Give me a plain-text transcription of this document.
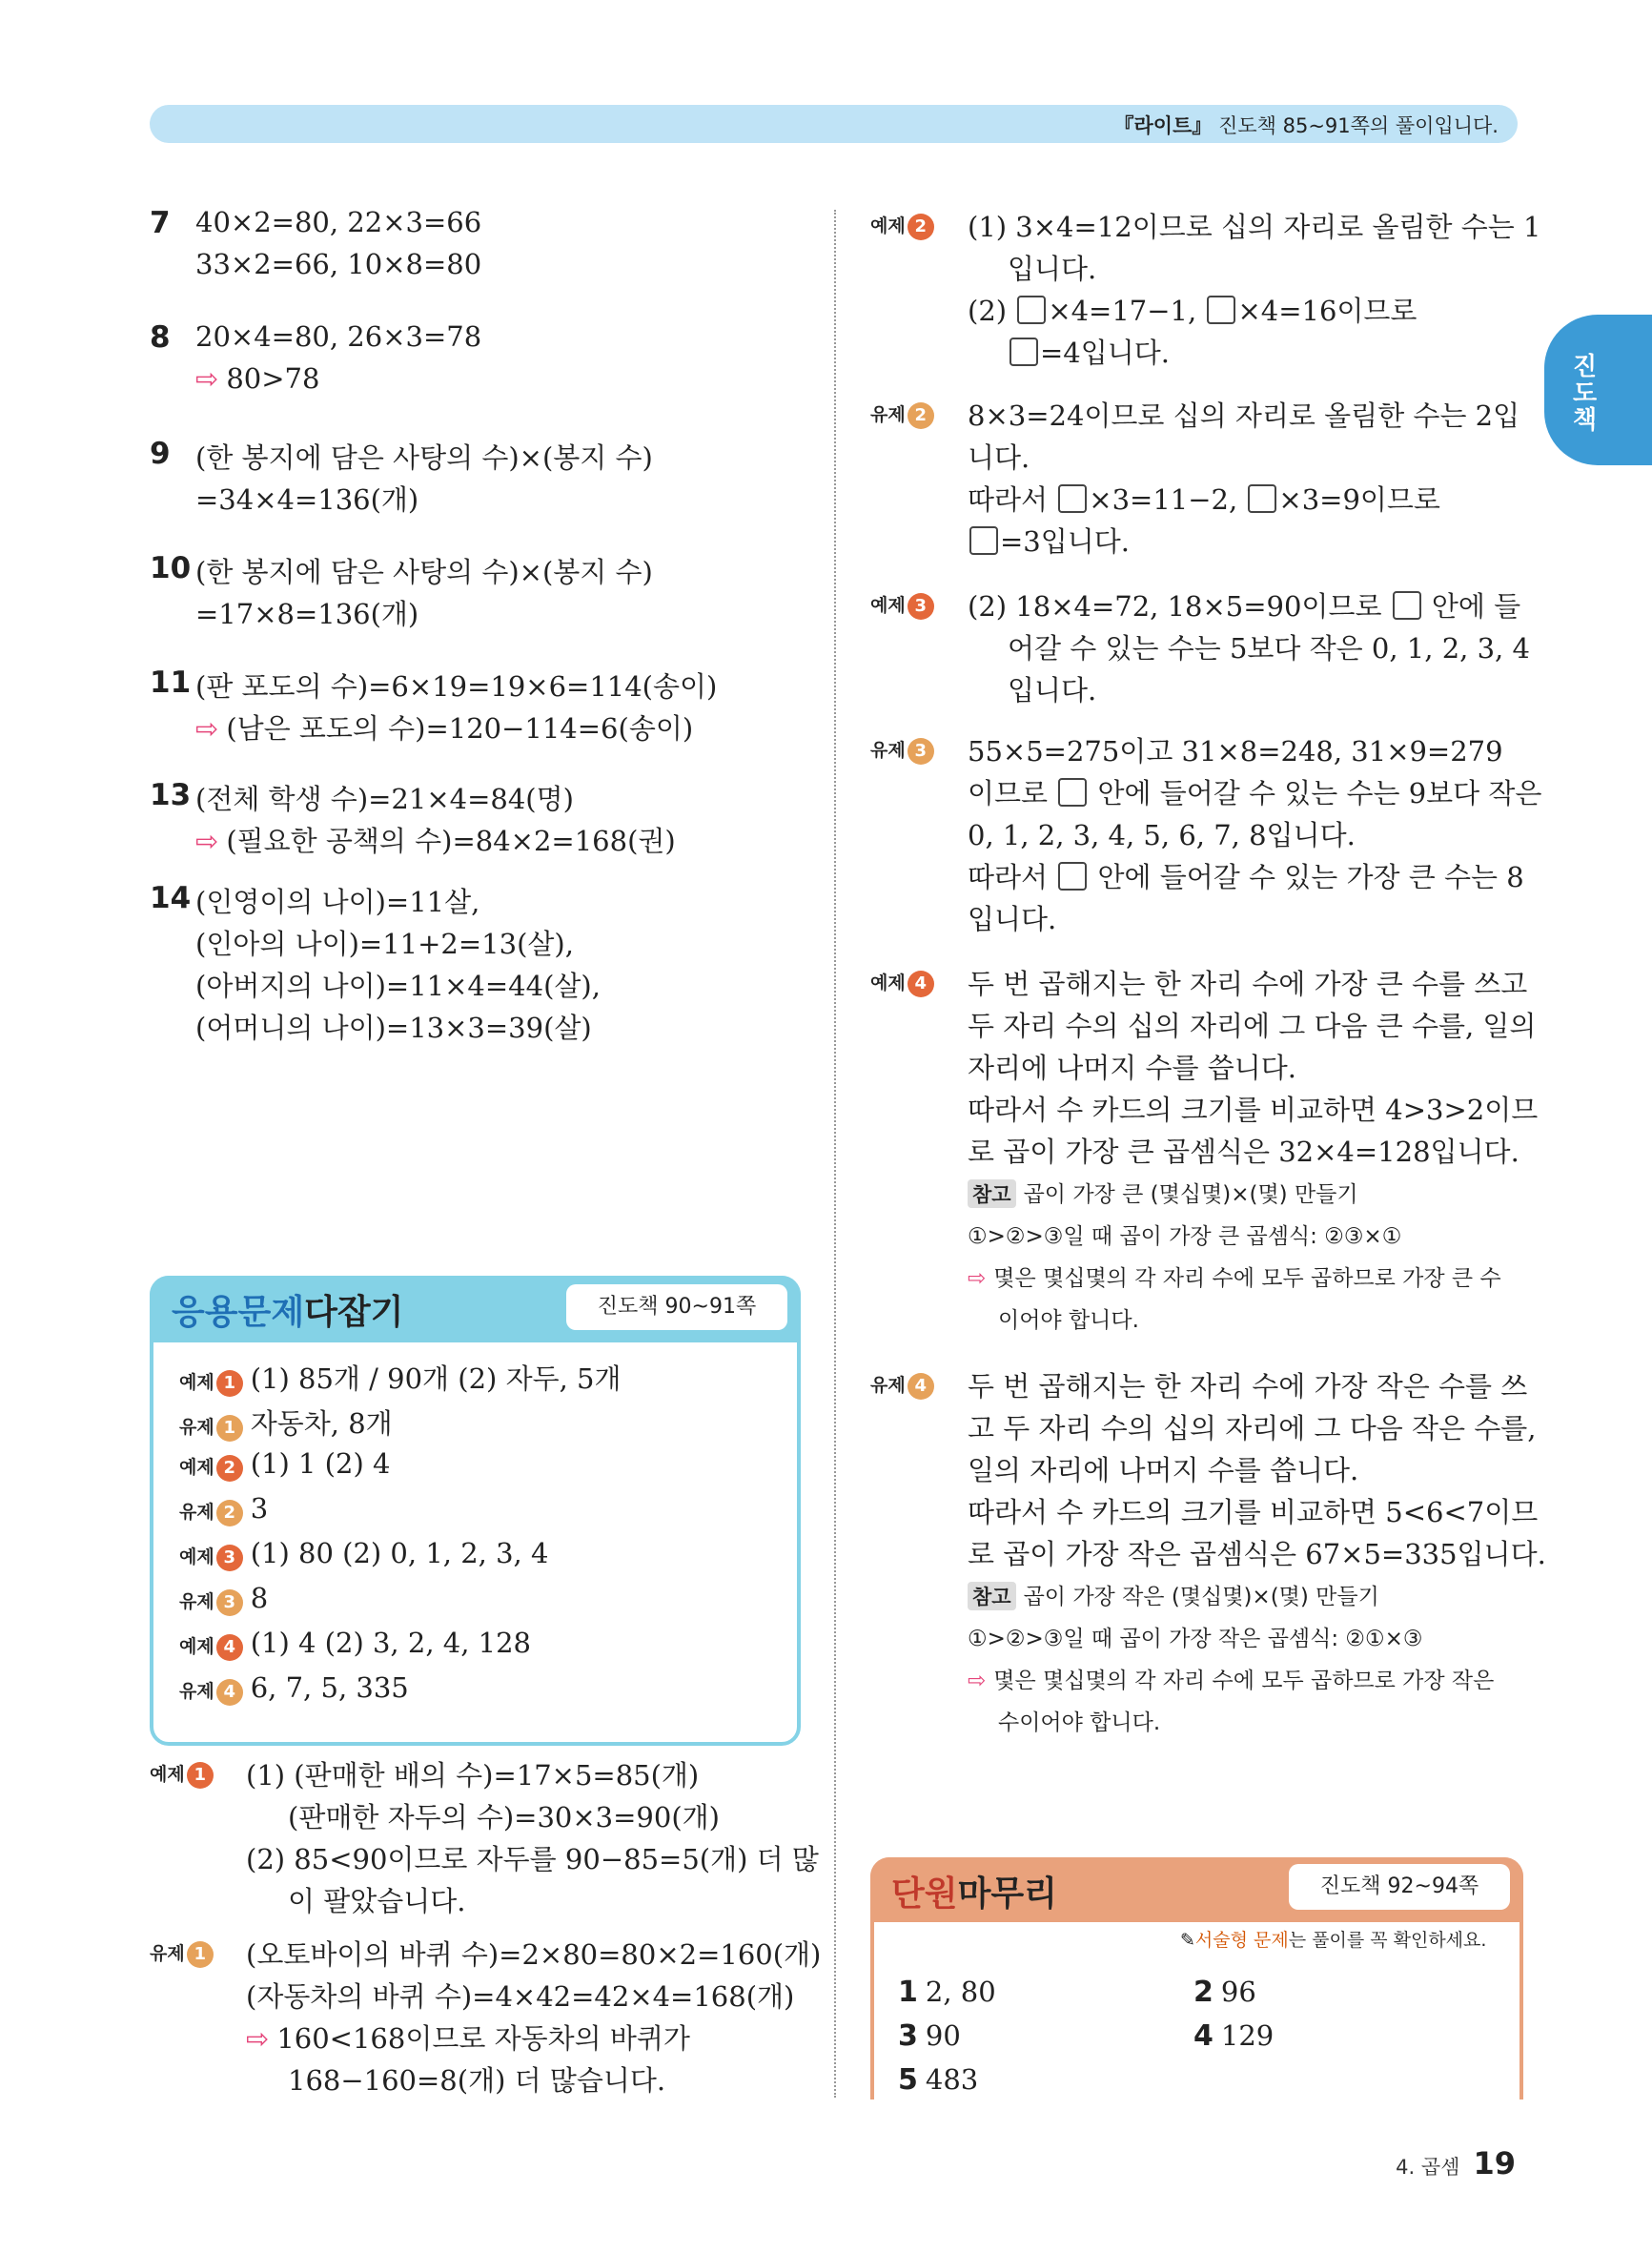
『라이트』 진도책 85~91쪽의 풀이입니다.
진도책
7 40×2=80, 22×3=66
33×2=66, 10×8=80
8 20×4=80, 26×3=78
⇨ 80>78
9 (한 봉지에 담은 사탕의 수)×(봉지 수)
=34×4=136(개)
10 (한 봉지에 담은 사탕의 수)×(봉지 수)
=17×8=136(개)
11 (판 포도의 수)=6×19=19×6=114(송이)
⇨ (남은 포도의 수)=120−114=6(송이)
13 (전체 학생 수)=21×4=84(명)
⇨ (필요한 공책의 수)=84×2=168(권)
14 (인영이의 나이)=11살,
(인아의 나이)=11+2=13(살),
(아버지의 나이)=11×4=44(살),
(어머니의 나이)=13×3=39(살)
응용문제다잡기	진도책 90~91쪽
예제 1 (1) 85개 / 90개 (2) 자두, 5개
유제 1 자동차, 8개
예제 2 (1) 1 (2) 4
유제 2 3
예제 3 (1) 80 (2) 0, 1, 2, 3, 4
유제 3 8
예제 4 (1) 4 (2) 3, 2, 4, 128
유제 4 6, 7, 5, 335
예제 1 (1) (판매한 배의 수)=17×5=85(개)
(판매한 자두의 수)=30×3=90(개)
(2) 85<90이므로 자두를 90−85=5(개) 더 많
이 팔았습니다.
유제 1 (오토바이의 바퀴 수)=2×80=80×2=160(개)
(자동차의 바퀴 수)=4×42=42×4=168(개)
⇨ 160<168이므로 자동차의 바퀴가
168−160=8(개) 더 많습니다.
예제 2 (1) 3×4=12이므로 십의 자리로 올림한 수는 1
입니다.
(2) ×4=17−1, ×4=16이므로
=4입니다.
유제 2 8×3=24이므로 십의 자리로 올림한 수는 2입
니다.
따라서 ×3=11−2, ×3=9이므로
=3입니다.
예제 3 (2) 18×4=72, 18×5=90이므로 안에 들
어갈 수 있는 수는 5보다 작은 0, 1, 2, 3, 4
입니다.
유제 3 55×5=275이고 31×8=248, 31×9=279
이므로 안에 들어갈 수 있는 수는 9보다 작은
0, 1, 2, 3, 4, 5, 6, 7, 8입니다.
따라서 안에 들어갈 수 있는 가장 큰 수는 8
입니다.
예제 4 두 번 곱해지는 한 자리 수에 가장 큰 수를 쓰고
두 자리 수의 십의 자리에 그 다음 큰 수를, 일의
자리에 나머지 수를 씁니다.
따라서 수 카드의 크기를 비교하면 4>3>2이므
로 곱이 가장 큰 곱셈식은 32×4=128입니다.
참고 곱이 가장 큰 (몇십몇)×(몇) 만들기
①>②>③일 때 곱이 가장 큰 곱셈식: ②③×①
⇨ 몇은 몇십몇의 각 자리 수에 모두 곱하므로 가장 큰 수
이어야 합니다.
유제 4 두 번 곱해지는 한 자리 수에 가장 작은 수를 쓰
고 두 자리 수의 십의 자리에 그 다음 작은 수를,
일의 자리에 나머지 수를 씁니다.
따라서 수 카드의 크기를 비교하면 5<6<7이므
로 곱이 가장 작은 곱셈식은 67×5=335입니다.
참고 곱이 가장 작은 (몇십몇)×(몇) 만들기
①>②>③일 때 곱이 가장 작은 곱셈식: ②①×③
⇨ 몇은 몇십몇의 각 자리 수에 모두 곱하므로 가장 작은
수이어야 합니다.
단원마무리	진도책 92~94쪽
✎서술형 문제는 풀이를 꼭 확인하세요.
1 2, 80	2 96
3 90	4 129
5 483
4. 곱셈 19
